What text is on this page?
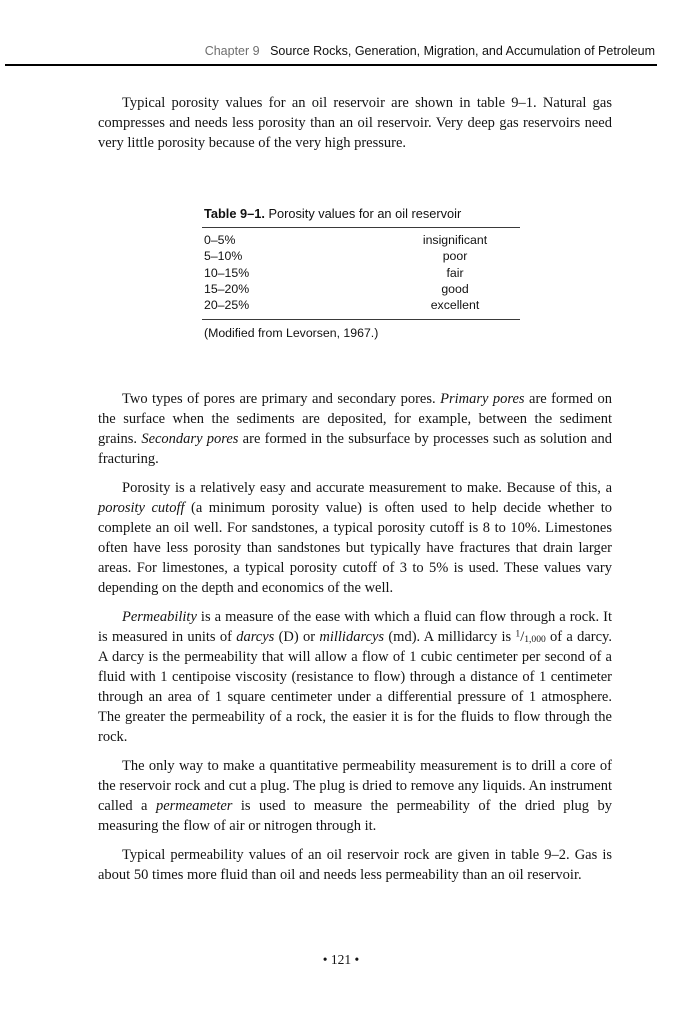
Chapter 9 Source Rocks, Generation, Migration, and Accumulation of Petroleum

Typical porosity values for an oil reservoir are shown in table 9–1. Natural gas compresses and needs less porosity than an oil reservoir. Very deep gas reservoirs need very little porosity because of the very high pressure.

Table 9–1. Porosity values for an oil reservoir
0–5%	insignificant
5–10%	poor
10–15%	fair
15–20%	good
20–25%	excellent
(Modified from Levorsen, 1967.)

Two types of pores are primary and secondary pores. Primary pores are formed on the surface when the sediments are deposited, for example, between the sediment grains. Secondary pores are formed in the subsurface by processes such as solution and fracturing.

Porosity is a relatively easy and accurate measurement to make. Because of this, a porosity cutoff (a minimum porosity value) is often used to help decide whether to complete an oil well. For sandstones, a typical porosity cutoff is 8 to 10%. Limestones often have less porosity than sandstones but typically have fractures that drain larger areas. For limestones, a typical porosity cutoff of 3 to 5% is used. These values vary depending on the depth and economics of the well.

Permeability is a measure of the ease with which a fluid can flow through a rock. It is measured in units of darcys (D) or millidarcys (md). A millidarcy is $^1$/1,000 of a darcy. A darcy is the permeability that will allow a flow of 1 cubic centimeter per second of a fluid with 1 centipoise viscosity (resistance to flow) through a distance of 1 centimeter through an area of 1 square centimeter under a differential pressure of 1 atmosphere. The greater the permeability of a rock, the easier it is for the fluids to flow through the rock.

The only way to make a quantitative permeability measurement is to drill a core of the reservoir rock and cut a plug. The plug is dried to remove any liquids. An instrument called a permeameter is used to measure the permeability of the dried plug by measuring the flow of air or nitrogen through it.

Typical permeability values of an oil reservoir rock are given in table 9–2. Gas is about 50 times more fluid than oil and needs less permeability than an oil reservoir.

• 121 •
